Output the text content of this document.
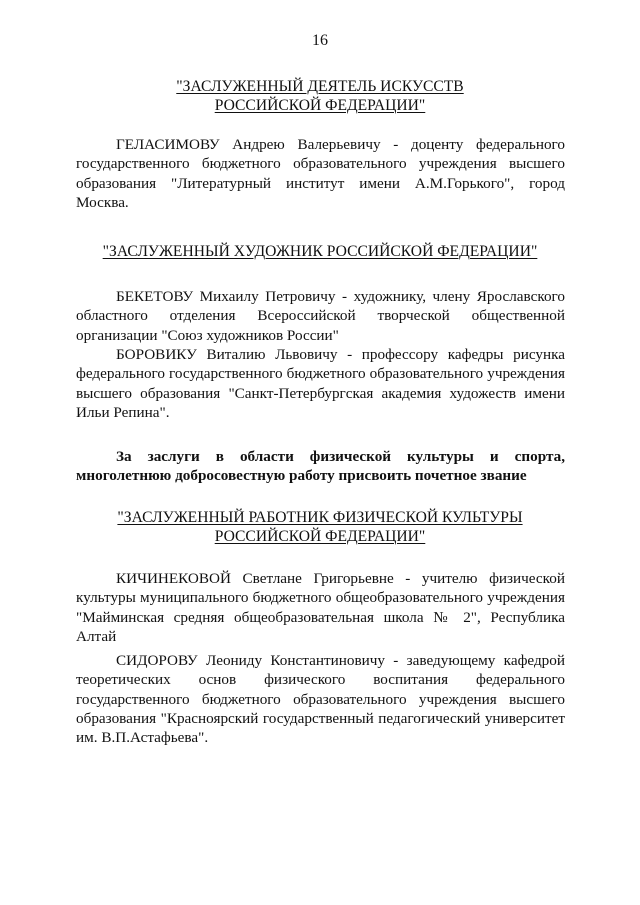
16
"ЗАСЛУЖЕННЫЙ ДЕЯТЕЛЬ ИСКУССТВ
РОССИЙСКОЙ ФЕДЕРАЦИИ"

ГЕЛАСИМОВУ Андрею Валерьевичу - доценту федерального государственного бюджетного образовательного учреждения высшего образования "Литературный институт имени А.М.Горького", город Москва.

"ЗАСЛУЖЕННЫЙ ХУДОЖНИК РОССИЙСКОЙ ФЕДЕРАЦИИ"

БЕКЕТОВУ Михаилу Петровичу - художнику, члену Ярославского областного отделения Всероссийской творческой общественной организации "Союз художников России"

БОРОВИКУ Виталию Львовичу - профессору кафедры рисунка федерального государственного бюджетного образовательного учреждения высшего образования "Санкт-Петербургская академия художеств имени Ильи Репина".

За заслуги в области физической культуры и спорта, многолетнюю добросовестную работу присвоить почетное звание

"ЗАСЛУЖЕННЫЙ РАБОТНИК ФИЗИЧЕСКОЙ КУЛЬТУРЫ
РОССИЙСКОЙ ФЕДЕРАЦИИ"

КИЧИНЕКОВОЙ Светлане Григорьевне - учителю физической культуры муниципального бюджетного общеобразовательного учреждения "Майминская средняя общеобразовательная школа № 2", Республика Алтай

СИДОРОВУ Леониду Константиновичу - заведующему кафедрой теоретических основ физического воспитания федерального государственного бюджетного образовательного учреждения высшего образования "Красноярский государственный педагогический университет им. В.П.Астафьева".
